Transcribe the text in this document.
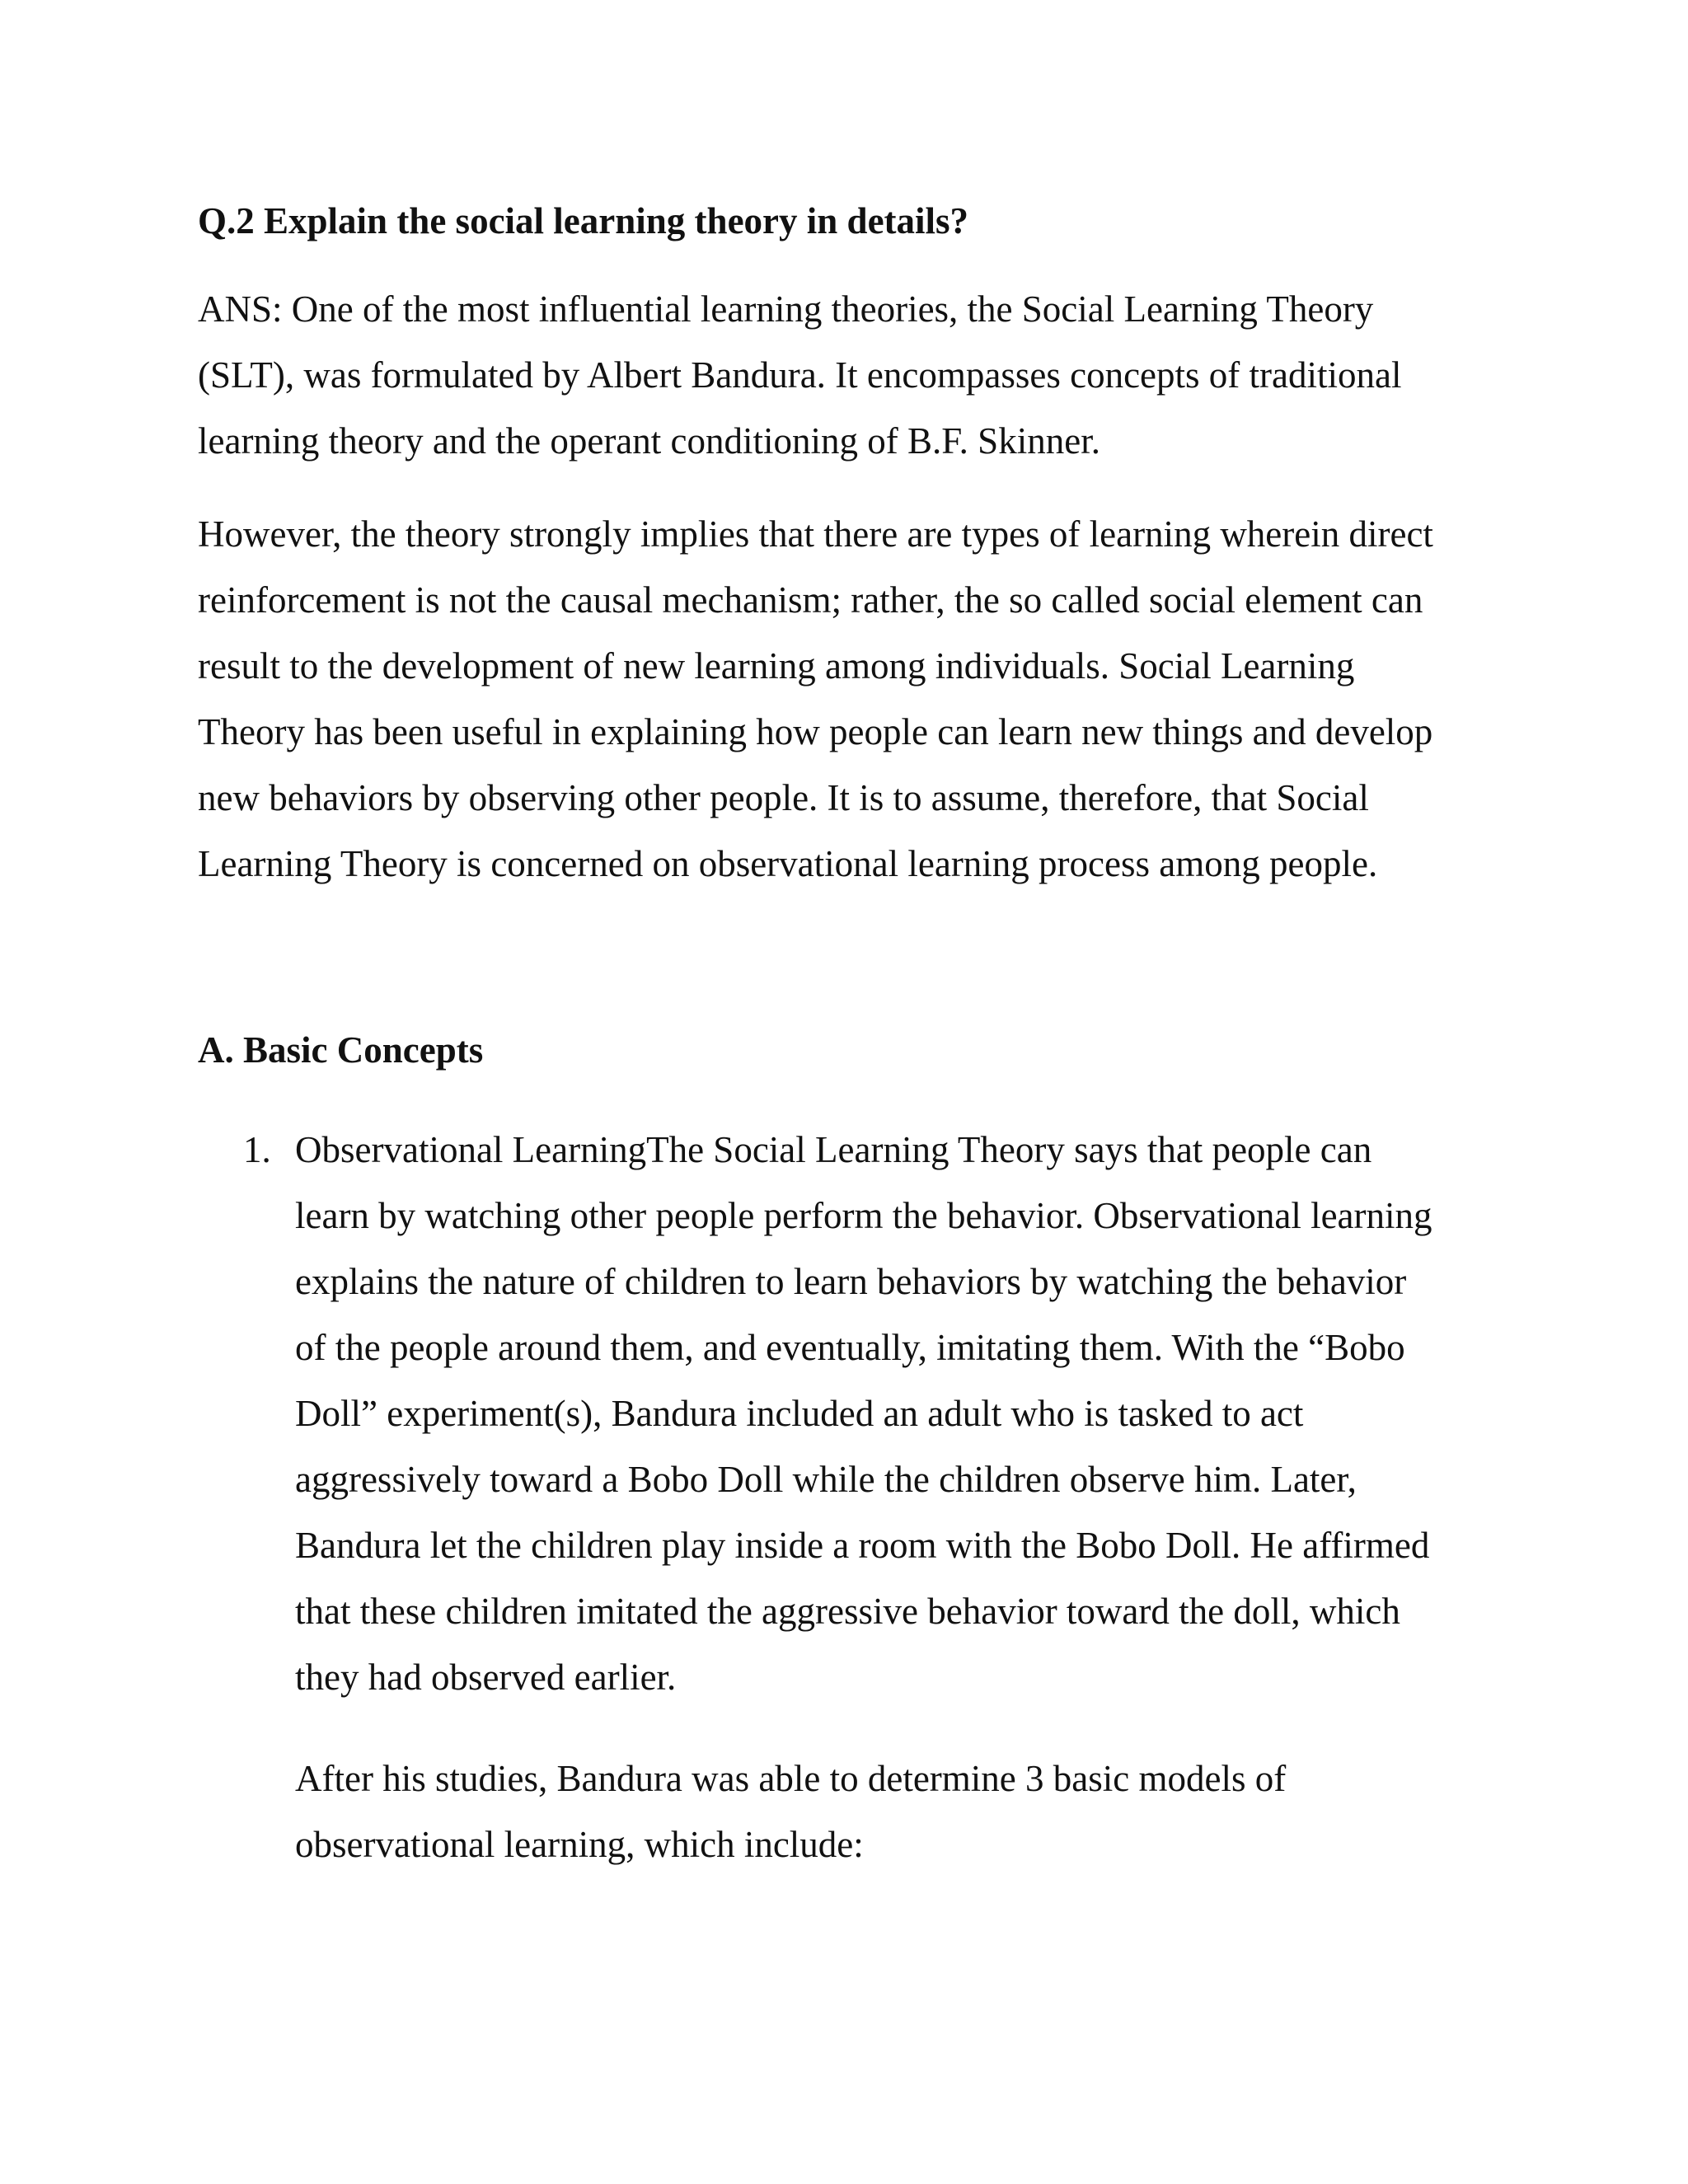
Q.2 Explain the social learning theory in details?

ANS: One of the most influential learning theories, the Social Learning Theory
(SLT), was formulated by Albert Bandura. It encompasses concepts of traditional
learning theory and the operant conditioning of B.F. Skinner.

However, the theory strongly implies that there are types of learning wherein direct
reinforcement is not the causal mechanism; rather, the so called social element can
result to the development of new learning among individuals. Social Learning
Theory has been useful in explaining how people can learn new things and develop
new behaviors by observing other people. It is to assume, therefore, that Social
Learning Theory is concerned on observational learning process among people.

A. Basic Concepts
1. Observational LearningThe Social Learning Theory says that people can
learn by watching other people perform the behavior. Observational learning
explains the nature of children to learn behaviors by watching the behavior
of the people around them, and eventually, imitating them. With the “Bobo
Doll” experiment(s), Bandura included an adult who is tasked to act
aggressively toward a Bobo Doll while the children observe him. Later,
Bandura let the children play inside a room with the Bobo Doll. He affirmed
that these children imitated the aggressive behavior toward the doll, which
they had observed earlier.

After his studies, Bandura was able to determine 3 basic models of
observational learning, which include:
